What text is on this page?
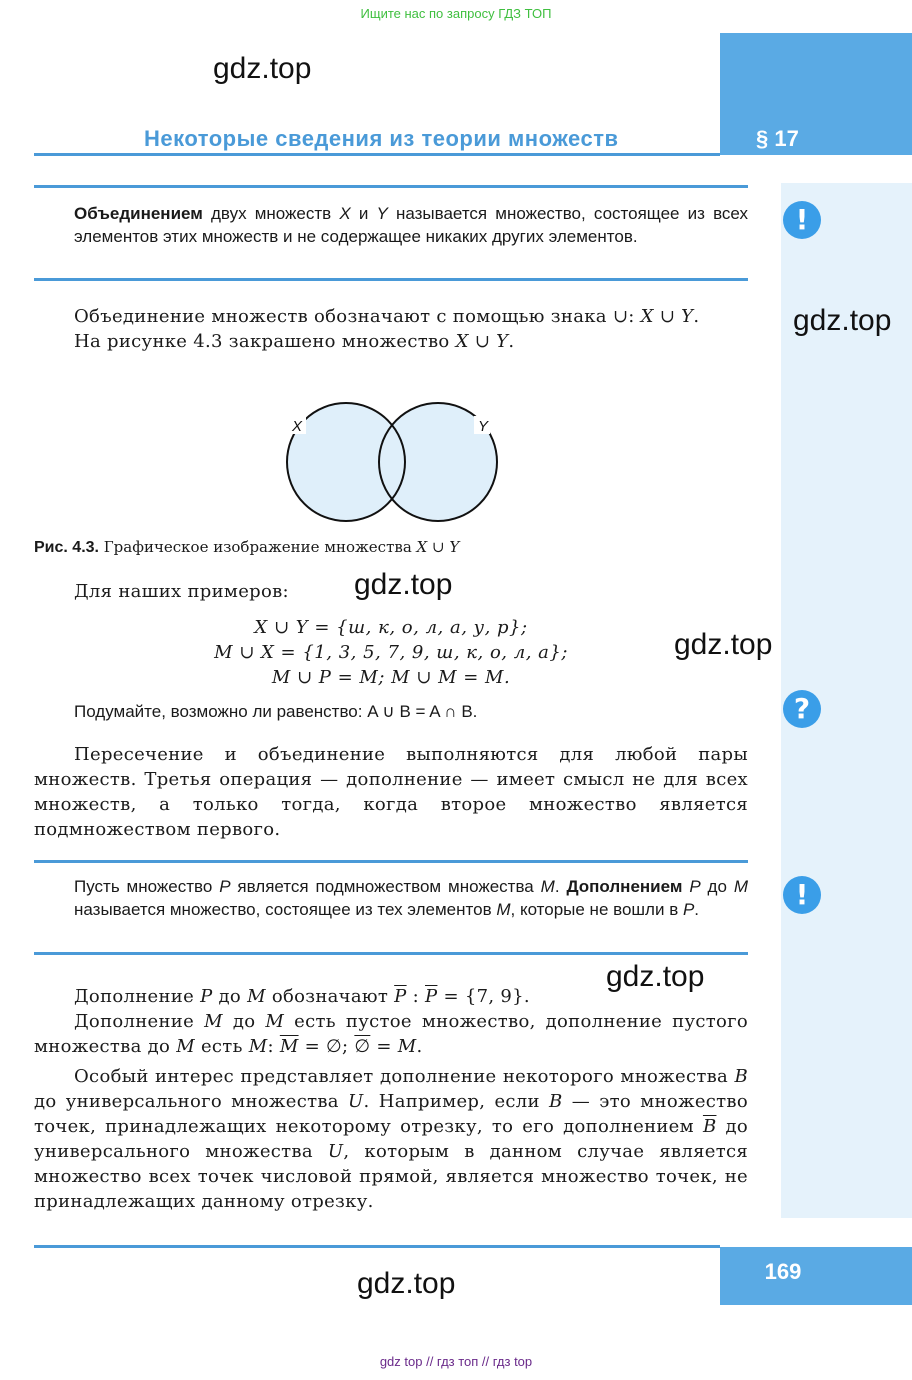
Ищите нас по запросу ГДЗ ТОП
§ 17
Некоторые сведения из теории множеств
gdz.top
!
?
!
Объединением двух множеств X и Y называется множество, состоящее из всех элементов этих множеств и не содержащее никаких других элементов.
Объединение множеств обозначают с помощью знака ∪: X ∪ Y.
На рисунке 4.3 закрашено множество X ∪ Y.
gdz.top
X	Y
Рис. 4.3. Графическое изображение множества X ∪ Y
Для наших примеров:	gdz.top
X ∪ Y = {ш, к, о, л, а, у, р};
M ∪ X = {1, 3, 5, 7, 9, ш, к, о, л, а};
M ∪ P = M; M ∪ M = M.
gdz.top
Подумайте, возможно ли равенство: A ∪ B = A ∩ B.
Пересечение и объединение выполняются для любой пары множеств. Третья операция — дополнение — имеет смысл не для всех множеств, а только тогда, когда второе множество является подмножеством первого.
Пусть множество P является подмножеством множества M. Дополнением P до M называется множество, состоящее из тех элементов M, которые не вошли в P.
Дополнение P до M обозначают $\overline{P}$ : $\overline{P} = \{7$, 9}.
gdz.top
Дополнение M до M есть пустое множество, дополнение пустого множества до M есть M: $\overline{M}$ = ∅; ∅ = M.
Особый интерес представляет дополнение некоторого множества B до универсального множества U. Например, если B — это множество точек, принадлежащих некоторому отрезку, то его дополнением $\overline{B}$ до универсального множества U, которым в данном случае является множество всех точек числовой прямой, является множество точек, не принадлежащих данному отрезку.
169
gdz.top
gdz top // гдз топ // гдз top
